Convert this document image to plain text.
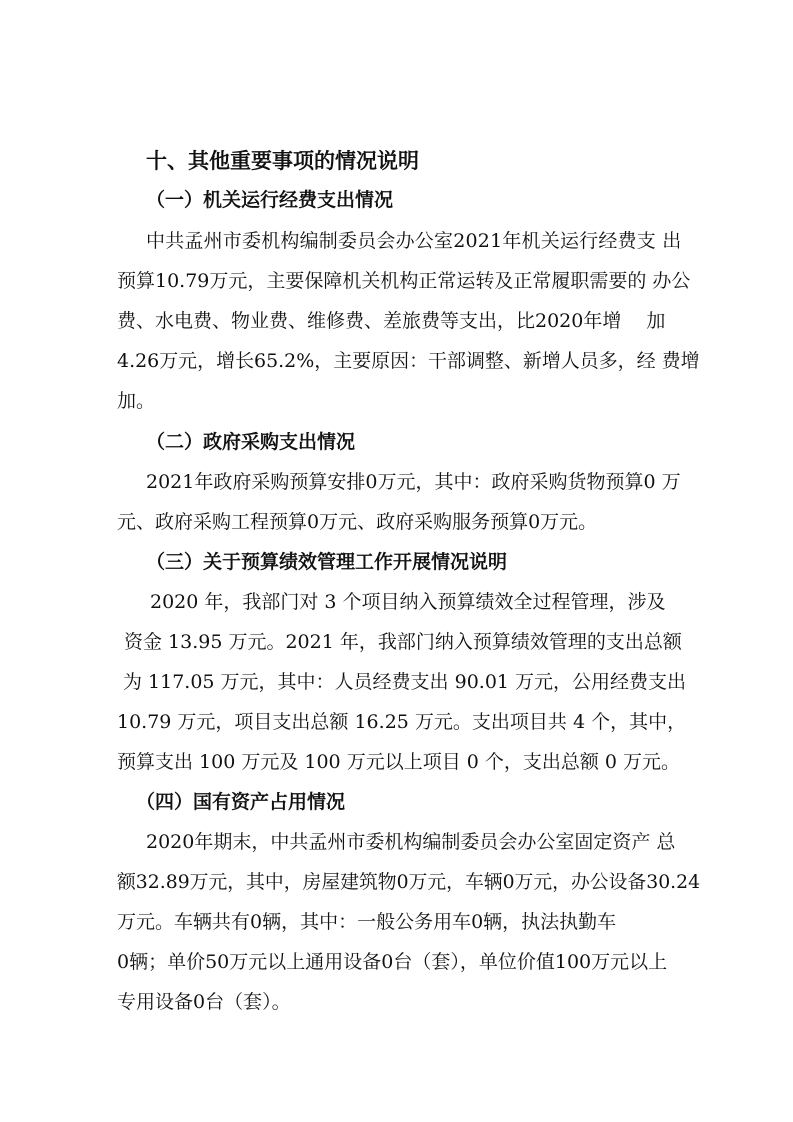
十、其他重要事项的情况说明
（一）机关运行经费支出情况

中共孟州市委机构编制委员会办公室2021年机关运行经费支 出

预算10.79万元，主要保障机关机构正常运转及正常履职需要的 办公

费、水电费、物业费、维修费、差旅费等支出，比2020年增　 加

4.26万元，增长65.2%，主要原因：干部调整、新增人员多，经 费增

加。

（二）政府采购支出情况

2021年政府采购预算安排0万元，其中：政府采购货物预算0 万

元、政府采购工程预算0万元、政府采购服务预算0万元。

（三）关于预算绩效管理工作开展情况说明

2020 年，我部门对 3 个项目纳入预算绩效全过程管理，涉及

资金 13.95 万元。2021 年，我部门纳入预算绩效管理的支出总额

为 117.05 万元，其中：人员经费支出 90.01 万元，公用经费支出

10.79 万元，项目支出总额 16.25 万元。支出项目共 4 个，其中，

预算支出 100 万元及 100 万元以上项目 0 个，支出总额 0 万元。

（四）国有资产占用情况

2020年期末，中共孟州市委机构编制委员会办公室固定资产 总

额32.89万元，其中，房屋建筑物0万元，车辆0万元，办公设备30.24

万元。车辆共有0辆，其中：一般公务用车0辆，执法执勤车

0辆；单价50万元以上通用设备0台（套），单位价值100万元以上

专用设备0台（套）。
